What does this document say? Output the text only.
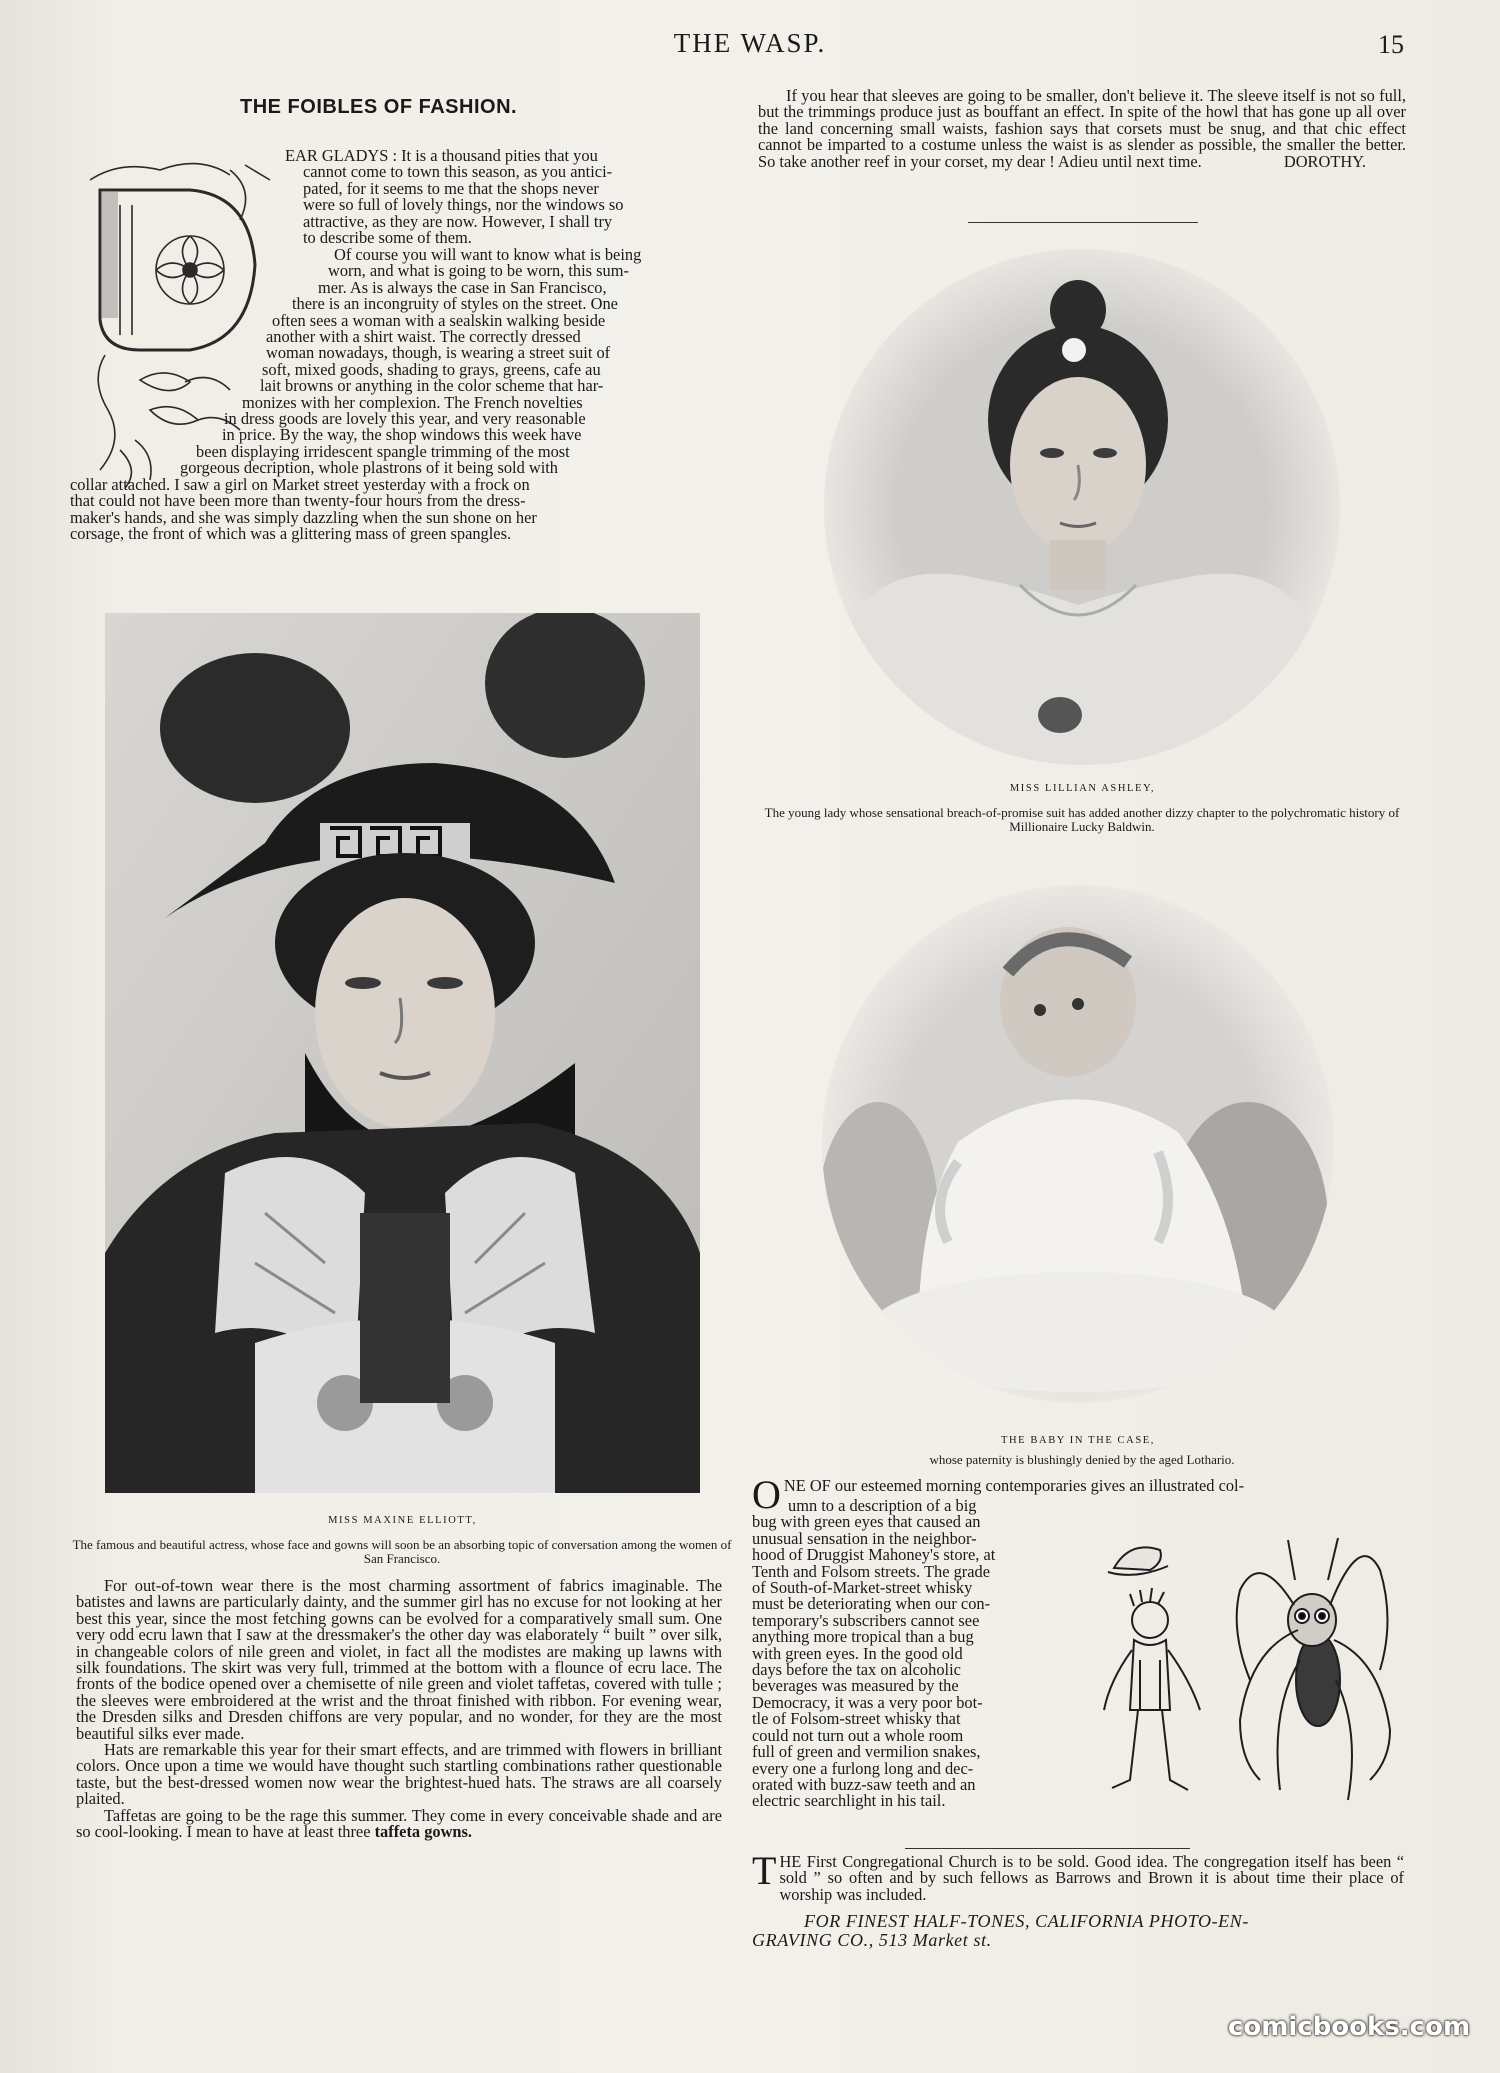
THE WASP.	15
THE FOIBLES OF FASHION.
EAR GLADYS : It is a thousand pities that you
cannot come to town this season, as you antici-
pated, for it seems to me that the shops never
were so full of lovely things, nor the windows so
attractive, as they are now. However, I shall try
to describe some of them.
Of course you will want to know what is being
worn, and what is going to be worn, this sum-
mer. As is always the case in San Francisco,
there is an incongruity of styles on the street. One
often sees a woman with a sealskin walking beside
another with a shirt waist. The correctly dressed
woman nowadays, though, is wearing a street suit of
soft, mixed goods, shading to grays, greens, cafe au
lait browns or anything in the color scheme that har-
monizes with her complexion. The French novelties
in dress goods are lovely this year, and very reasonable
in price. By the way, the shop windows this week have
been displaying irridescent spangle trimming of the most
gorgeous decription, whole plastrons of it being sold with
collar attached. I saw a girl on Market street yesterday with a frock on
that could not have been more than twenty-four hours from the dress-
maker's hands, and she was simply dazzling when the sun shone on her
corsage, the front of which was a glittering mass of green spangles.
MISS MAXINE ELLIOTT,
The famous and beautiful actress, whose face and gowns will soon be an absorbing topic of conversation among the women of San Francisco.

For out-of-town wear there is the most charming assortment of fabrics imaginable. The batistes and lawns are particularly dainty, and the summer girl has no excuse for not looking at her best this year, since the most fetching gowns can be evolved for a comparatively small sum. One very odd ecru lawn that I saw at the dressmaker's the other day was elaborately “ built ” over silk, in changeable colors of nile green and violet, in fact all the modistes are making up lawns with silk foundations. The skirt was very full, trimmed at the bottom with a flounce of ecru lace. The fronts of the bodice opened over a chemisette of nile green and violet taffetas, covered with tulle ; the sleeves were embroidered at the wrist and the throat finished with ribbon. For evening wear, the Dresden silks and Dresden chiffons are very popular, and no wonder, for they are the most beautiful silks ever made.

Hats are remarkable this year for their smart effects, and are trimmed with flowers in brilliant colors. Once upon a time we would have thought such startling combinations rather questionable taste, but the best-dressed women now wear the brightest-hued hats. The straws are all coarsely plaited.

Taffetas are going to be the rage this summer. They come in every conceivable shade and are so cool-looking. I mean to have at least three taffeta gowns.

If you hear that sleeves are going to be smaller, don't believe it. The sleeve itself is not so full, but the trimmings produce just as bouffant an effect. In spite of the howl that has gone up all over the land concerning small waists, fashion says that corsets must be snug, and that chic effect cannot be imparted to a costume unless the waist is as slender as possible, the smaller the better. So take another reef in your corset, my dear ! Adieu until next time.	DOROTHY.
MISS LILLIAN ASHLEY,
The young lady whose sensational breach-of-promise suit has added another dizzy chapter to the polychromatic history of Millionaire Lucky Baldwin.
THE BABY IN THE CASE,
whose paternity is blushingly denied by the aged Lothario.
ONE OF our esteemed morning contemporaries gives an illustrated col-
umn to a description of a big
bug with green eyes that caused an
unusual sensation in the neighbor-
hood of Druggist Mahoney's store, at
Tenth and Folsom streets. The grade
of South-of-Market-street whisky
must be deteriorating when our con-
temporary's subscribers cannot see
anything more tropical than a bug
with green eyes. In the good old
days before the tax on alcoholic
beverages was measured by the
Democracy, it was a very poor bot-
tle of Folsom-street whisky that
could not turn out a whole room
full of green and vermilion snakes,
every one a furlong long and dec-
orated with buzz-saw teeth and an
electric searchlight in his tail.
THE First Congregational Church is to be sold. Good idea. The congregation itself has been “ sold ” so often and by such fellows as Barrows and Brown it is about time their place of worship was included.
FOR FINEST HALF-TONES, CALIFORNIA PHOTO-EN-
GRAVING CO., 513 Market st.
comicbooks.com
